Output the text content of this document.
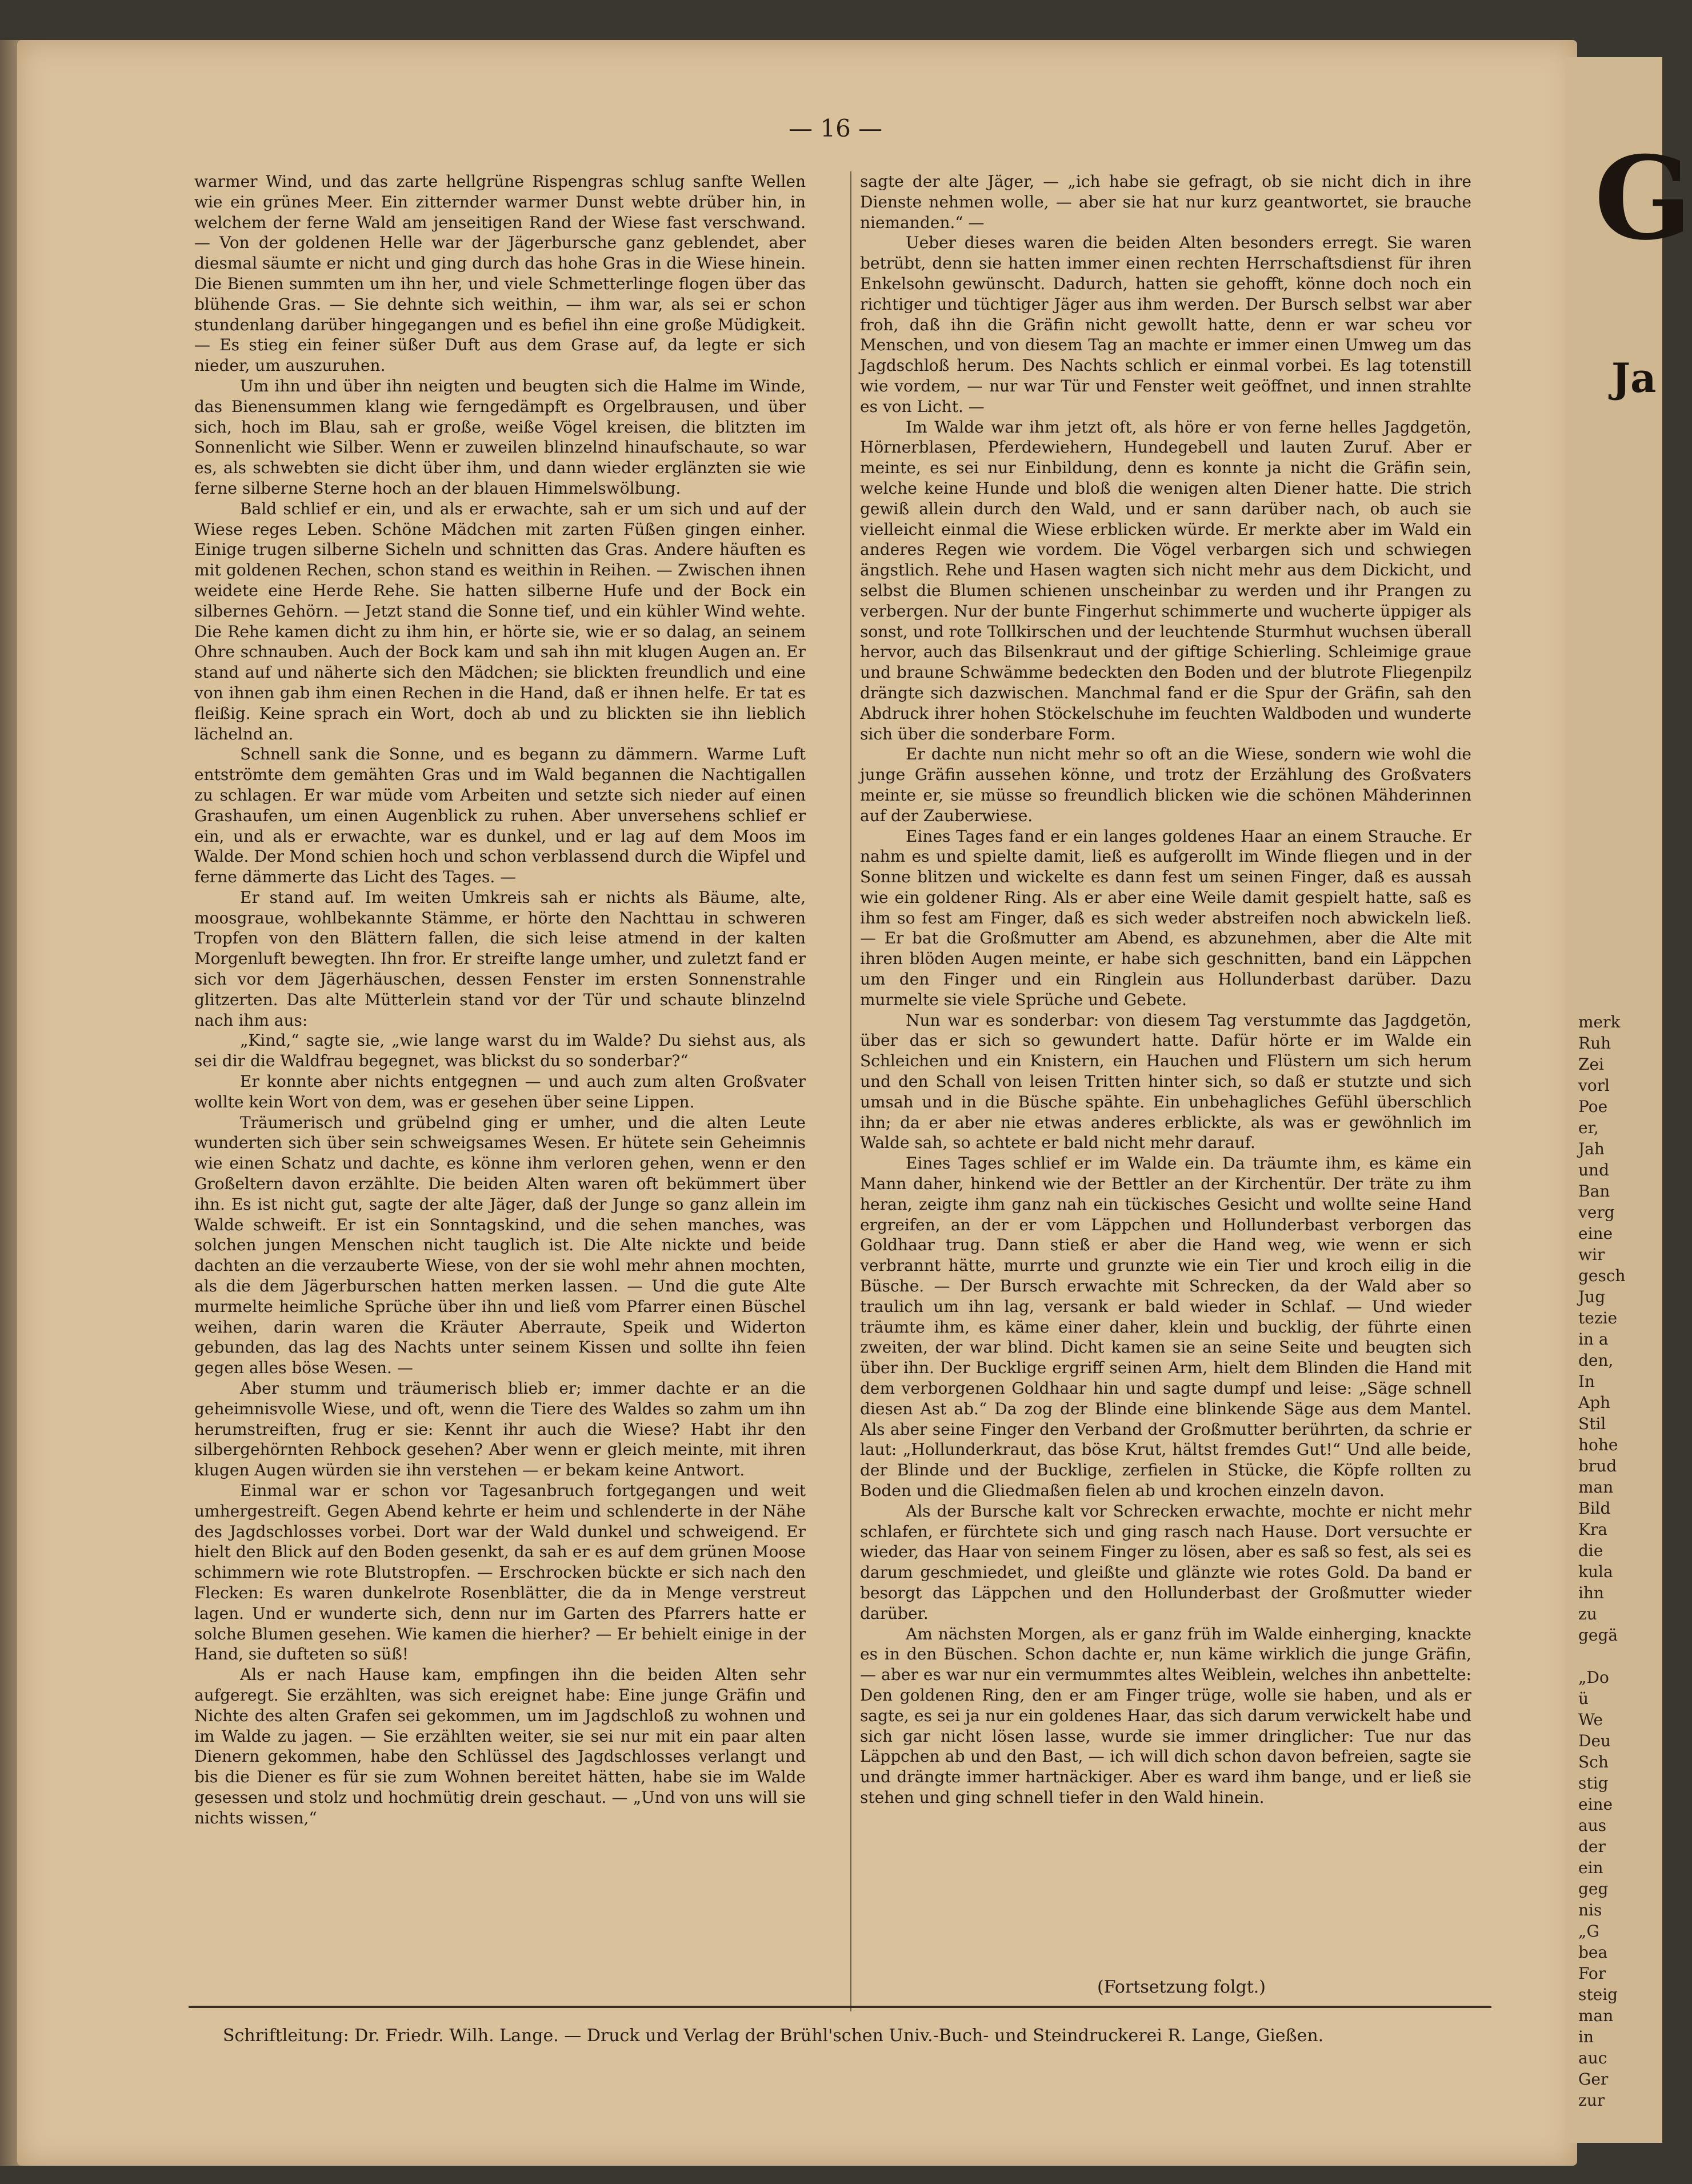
merk
Ruh
Zei
vorl
Poe
er,
Jah
und
Ban
verg
eine
wir
gesch
Jug
tezie
in a
den,
In
Aph
Stil
hohe
brud
man
Bild
Kra
die
kula
ihn
zu
gegä
„Do
ü
We
Deu
Sch
stig
eine
aus
der
ein
geg
nis
„G
bea
For
steig
man
in
auc
Ger
zur
G
Ja
— 16 —

warmer Wind, und das zarte hellgrüne Rispengras schlug sanfte Wellen wie ein grünes Meer. Ein zitternder warmer Dunst webte drüber hin, in welchem der ferne Wald am jenseitigen Rand der Wiese fast verschwand. — Von der goldenen Helle war der Jägerbursche ganz geblendet, aber diesmal säumte er nicht und ging durch das hohe Gras in die Wiese hinein. Die Bienen summten um ihn her, und viele Schmetterlinge flogen über das blühende Gras. — Sie dehnte sich weithin, — ihm war, als sei er schon stundenlang darüber hingegangen und es befiel ihn eine große Müdigkeit. — Es stieg ein feiner süßer Duft aus dem Grase auf, da legte er sich nieder, um auszuruhen.

Um ihn und über ihn neigten und beugten sich die Halme im Winde, das Bienensummen klang wie ferngedämpft es Orgelbrausen, und über sich, hoch im Blau, sah er große, weiße Vögel kreisen, die blitzten im Sonnenlicht wie Silber. Wenn er zuweilen blinzelnd hinaufschaute, so war es, als schwebten sie dicht über ihm, und dann wieder erglänzten sie wie ferne silberne Sterne hoch an der blauen Himmelswölbung.

Bald schlief er ein, und als er erwachte, sah er um sich und auf der Wiese reges Leben. Schöne Mädchen mit zarten Füßen gingen einher. Einige trugen silberne Sicheln und schnitten das Gras. Andere häuften es mit goldenen Rechen, schon stand es weithin in Reihen. — Zwischen ihnen weidete eine Herde Rehe. Sie hatten silberne Hufe und der Bock ein silbernes Gehörn. — Jetzt stand die Sonne tief, und ein kühler Wind wehte. Die Rehe kamen dicht zu ihm hin, er hörte sie, wie er so dalag, an seinem Ohre schnauben. Auch der Bock kam und sah ihn mit klugen Augen an. Er stand auf und näherte sich den Mädchen; sie blickten freundlich und eine von ihnen gab ihm einen Rechen in die Hand, daß er ihnen helfe. Er tat es fleißig. Keine sprach ein Wort, doch ab und zu blickten sie ihn lieblich lächelnd an.

Schnell sank die Sonne, und es begann zu dämmern. Warme Luft entströmte dem gemähten Gras und im Wald begannen die Nachtigallen zu schlagen. Er war müde vom Arbeiten und setzte sich nieder auf einen Grashaufen, um einen Augenblick zu ruhen. Aber unversehens schlief er ein, und als er erwachte, war es dunkel, und er lag auf dem Moos im Walde. Der Mond schien hoch und schon verblassend durch die Wipfel und ferne dämmerte das Licht des Tages. —

Er stand auf. Im weiten Umkreis sah er nichts als Bäume, alte, moosgraue, wohlbekannte Stämme, er hörte den Nachttau in schweren Tropfen von den Blättern fallen, die sich leise atmend in der kalten Morgenluft bewegten. Ihn fror. Er streifte lange umher, und zuletzt fand er sich vor dem Jägerhäuschen, dessen Fenster im ersten Sonnenstrahle glitzerten. Das alte Mütterlein stand vor der Tür und schaute blinzelnd nach ihm aus:

„Kind,“ sagte sie, „wie lange warst du im Walde? Du siehst aus, als sei dir die Waldfrau begegnet, was blickst du so sonderbar?“

Er konnte aber nichts entgegnen — und auch zum alten Großvater wollte kein Wort von dem, was er gesehen über seine Lippen.

Träumerisch und grübelnd ging er umher, und die alten Leute wunderten sich über sein schweigsames Wesen. Er hütete sein Geheimnis wie einen Schatz und dachte, es könne ihm verloren gehen, wenn er den Großeltern davon erzählte. Die beiden Alten waren oft bekümmert über ihn. Es ist nicht gut, sagte der alte Jäger, daß der Junge so ganz allein im Walde schweift. Er ist ein Sonntagskind, und die sehen manches, was solchen jungen Menschen nicht tauglich ist. Die Alte nickte und beide dachten an die verzauberte Wiese, von der sie wohl mehr ahnen mochten, als die dem Jägerburschen hatten merken lassen. — Und die gute Alte murmelte heimliche Sprüche über ihn und ließ vom Pfarrer einen Büschel weihen, darin waren die Kräuter Aberraute, Speik und Widerton gebunden, das lag des Nachts unter seinem Kissen und sollte ihn feien gegen alles böse Wesen. —

Aber stumm und träumerisch blieb er; immer dachte er an die geheimnisvolle Wiese, und oft, wenn die Tiere des Waldes so zahm um ihn herumstreiften, frug er sie: Kennt ihr auch die Wiese? Habt ihr den silbergehörnten Rehbock gesehen? Aber wenn er gleich meinte, mit ihren klugen Augen würden sie ihn verstehen — er bekam keine Antwort.

Einmal war er schon vor Tagesanbruch fortgegangen und weit umhergestreift. Gegen Abend kehrte er heim und schlenderte in der Nähe des Jagdschlosses vorbei. Dort war der Wald dunkel und schweigend. Er hielt den Blick auf den Boden gesenkt, da sah er es auf dem grünen Moose schimmern wie rote Blutstropfen. — Erschrocken bückte er sich nach den Flecken: Es waren dunkelrote Rosenblätter, die da in Menge verstreut lagen. Und er wunderte sich, denn nur im Garten des Pfarrers hatte er solche Blumen gesehen. Wie kamen die hierher? — Er behielt einige in der Hand, sie dufteten so süß!

Als er nach Hause kam, empfingen ihn die beiden Alten sehr aufgeregt. Sie erzählten, was sich ereignet habe: Eine junge Gräfin und Nichte des alten Grafen sei gekommen, um im Jagdschloß zu wohnen und im Walde zu jagen. — Sie erzählten weiter, sie sei nur mit ein paar alten Dienern gekommen, habe den Schlüssel des Jagdschlosses verlangt und bis die Diener es für sie zum Wohnen bereitet hätten, habe sie im Walde gesessen und stolz und hochmütig drein geschaut. — „Und von uns will sie nichts wissen,“

sagte der alte Jäger, — „ich habe sie gefragt, ob sie nicht dich in ihre Dienste nehmen wolle, — aber sie hat nur kurz geantwortet, sie brauche niemanden.“ —

Ueber dieses waren die beiden Alten besonders erregt. Sie waren betrübt, denn sie hatten immer einen rechten Herrschaftsdienst für ihren Enkelsohn gewünscht. Dadurch, hatten sie gehofft, könne doch noch ein richtiger und tüchtiger Jäger aus ihm werden. Der Bursch selbst war aber froh, daß ihn die Gräfin nicht gewollt hatte, denn er war scheu vor Menschen, und von diesem Tag an machte er immer einen Umweg um das Jagdschloß herum. Des Nachts schlich er einmal vorbei. Es lag totenstill wie vordem, — nur war Tür und Fenster weit geöffnet, und innen strahlte es von Licht. —

Im Walde war ihm jetzt oft, als höre er von ferne helles Jagdgetön, Hörnerblasen, Pferdewiehern, Hundegebell und lauten Zuruf. Aber er meinte, es sei nur Einbildung, denn es konnte ja nicht die Gräfin sein, welche keine Hunde und bloß die wenigen alten Diener hatte. Die strich gewiß allein durch den Wald, und er sann darüber nach, ob auch sie vielleicht einmal die Wiese erblicken würde. Er merkte aber im Wald ein anderes Regen wie vordem. Die Vögel verbargen sich und schwiegen ängstlich. Rehe und Hasen wagten sich nicht mehr aus dem Dickicht, und selbst die Blumen schienen unscheinbar zu werden und ihr Prangen zu verbergen. Nur der bunte Fingerhut schimmerte und wucherte üppiger als sonst, und rote Tollkirschen und der leuchtende Sturmhut wuchsen überall hervor, auch das Bilsenkraut und der giftige Schierling. Schleimige graue und braune Schwämme bedeckten den Boden und der blutrote Fliegenpilz drängte sich dazwischen. Manchmal fand er die Spur der Gräfin, sah den Abdruck ihrer hohen Stöckelschuhe im feuchten Waldboden und wunderte sich über die sonderbare Form.

Er dachte nun nicht mehr so oft an die Wiese, sondern wie wohl die junge Gräfin aussehen könne, und trotz der Erzählung des Großvaters meinte er, sie müsse so freundlich blicken wie die schönen Mähderinnen auf der Zauberwiese.

Eines Tages fand er ein langes goldenes Haar an einem Strauche. Er nahm es und spielte damit, ließ es aufgerollt im Winde fliegen und in der Sonne blitzen und wickelte es dann fest um seinen Finger, daß es aussah wie ein goldener Ring. Als er aber eine Weile damit gespielt hatte, saß es ihm so fest am Finger, daß es sich weder abstreifen noch abwickeln ließ. — Er bat die Großmutter am Abend, es abzunehmen, aber die Alte mit ihren blöden Augen meinte, er habe sich geschnitten, band ein Läppchen um den Finger und ein Ringlein aus Hollunderbast darüber. Dazu murmelte sie viele Sprüche und Gebete.

Nun war es sonderbar: von diesem Tag verstummte das Jagdgetön, über das er sich so gewundert hatte. Dafür hörte er im Walde ein Schleichen und ein Knistern, ein Hauchen und Flüstern um sich herum und den Schall von leisen Tritten hinter sich, so daß er stutzte und sich umsah und in die Büsche spähte. Ein unbehagliches Gefühl überschlich ihn; da er aber nie etwas anderes erblickte, als was er gewöhnlich im Walde sah, so achtete er bald nicht mehr darauf.

Eines Tages schlief er im Walde ein. Da träumte ihm, es käme ein Mann daher, hinkend wie der Bettler an der Kirchentür. Der träte zu ihm heran, zeigte ihm ganz nah ein tückisches Gesicht und wollte seine Hand ergreifen, an der er vom Läppchen und Hollunderbast verborgen das Goldhaar trug. Dann stieß er aber die Hand weg, wie wenn er sich verbrannt hätte, murrte und grunzte wie ein Tier und kroch eilig in die Büsche. — Der Bursch erwachte mit Schrecken, da der Wald aber so traulich um ihn lag, versank er bald wieder in Schlaf. — Und wieder träumte ihm, es käme einer daher, klein und bucklig, der führte einen zweiten, der war blind. Dicht kamen sie an seine Seite und beugten sich über ihn. Der Bucklige ergriff seinen Arm, hielt dem Blinden die Hand mit dem verborgenen Goldhaar hin und sagte dumpf und leise: „Säge schnell diesen Ast ab.“ Da zog der Blinde eine blinkende Säge aus dem Mantel. Als aber seine Finger den Verband der Großmutter berührten, da schrie er laut: „Hollunderkraut, das böse Krut, hältst fremdes Gut!“ Und alle beide, der Blinde und der Bucklige, zerfielen in Stücke, die Köpfe rollten zu Boden und die Gliedmaßen fielen ab und krochen einzeln davon.

Als der Bursche kalt vor Schrecken erwachte, mochte er nicht mehr schlafen, er fürchtete sich und ging rasch nach Hause. Dort versuchte er wieder, das Haar von seinem Finger zu lösen, aber es saß so fest, als sei es darum geschmiedet, und gleißte und glänzte wie rotes Gold. Da band er besorgt das Läppchen und den Hollunderbast der Großmutter wieder darüber.

Am nächsten Morgen, als er ganz früh im Walde einherging, knackte es in den Büschen. Schon dachte er, nun käme wirklich die junge Gräfin, — aber es war nur ein vermummtes altes Weiblein, welches ihn anbettelte: Den goldenen Ring, den er am Finger trüge, wolle sie haben, und als er sagte, es sei ja nur ein goldenes Haar, das sich darum verwickelt habe und sich gar nicht lösen lasse, wurde sie immer dringlicher: Tue nur das Läppchen ab und den Bast, — ich will dich schon davon befreien, sagte sie und drängte immer hartnäckiger. Aber es ward ihm bange, und er ließ sie stehen und ging schnell tiefer in den Wald hinein.

(Fortsetzung folgt.)
Schriftleitung: Dr. Friedr. Wilh. Lange. — Druck und Verlag der Brühl'schen Univ.-Buch- und Steindruckerei R. Lange, Gießen.
